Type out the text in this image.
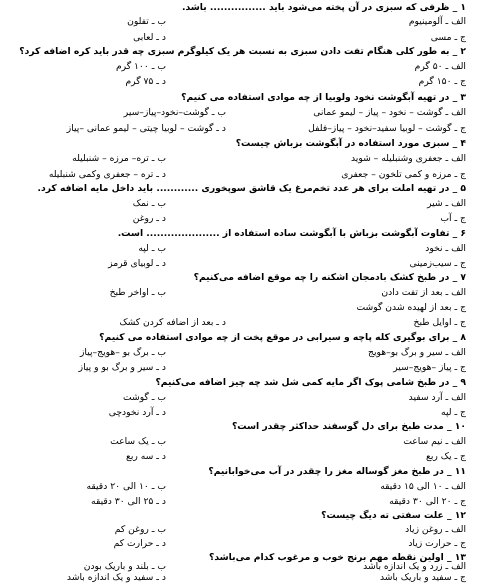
۱ _ ظرفی که سبزی در آن پخته می‌شود باید ................ باشد.
الف ـ آلومینیوم
ب ـ تفلون
ج ـ مسی
د ـ لعابی
۲ _ به طور کلی هنگام تفت دادن سبزی به نسبت هر یک کیلوگرم سبزی چه قدر باید کره اضافه کرد؟
الف ـ ۵۰ گرم
ب ـ ۱۰۰ گرم
ج ـ ۱۵۰ گرم
د ـ ۷۵ گرم
۳ _ در تهیه آبگوشت نخود ولوبیا از چه موادی استفاده می کنیم؟
الف ـ گوشت – نخود – پیاز – لیمو عمانی
ب ـ گوشت–نخود–پیاز–سیر
ج ـ گوشت – لوبیا سفید–نخود – پیاز–فلفل
د ـ گوشت – لوبیا چیتی – لیمو عمانی –پیاز
۴ _ سبزی مورد استفاده در آبگوشت بزباش چیست؟
الف ـ جعفری وشنبلیله – شوید
ب ـ تره– مرزه – شنبلیله
ج ـ مرزه و کمی تلخون – جعفری
د ـ تره – جعفری وکمی شنبلیله
۵ _ در تهیه املت برای هر عدد تخم‌مرغ یک قاشق سوپخوری ............ باید داخل مایه اضافه کرد.
الف ـ شیر
ب ـ نمک
ج ـ آب
د ـ روغن
۶ _ تفاوت آبگوشت بزباش با آبگوشت ساده استفاده از ..................... است.
الف ـ نخود
ب ـ لپه
ج ـ سیب‌زمینی
د ـ لوبیای قرمز
۷ _ در طبخ کشک بادمجان اشکنه را چه موقع اضافه می‌کنیم؟
الف ـ بعد از تفت دادن
ب ـ اواخر طبخ
ج ـ بعد از لهیده شدن گوشت
ج ـ اوایل طبخ
د ـ بعد از اضافه کردن کشک
۸ _ برای بوگیری کله پاچه و سیرابی در موقع پخت از چه موادی استفاده می کنیم؟
الف ـ سیر و برگ بو–هویج
ب ـ برگ بو –هویج–پیاز
ج ـ پیاز –هویج–سیر
د ـ سیر و برگ بو و پیاز
۹ _ در طبخ شامی پوک اگر مایه کمی شل شد چه چیز اضافه می‌کنیم؟
الف ـ آرد سفید
ب ـ گوشت
ج ـ لپه
د ـ آرد نخودچی
۱۰ _ مدت طبخ برای دل گوسفند حداکثر چقدر است؟
الف ـ نیم ساعت
ب ـ یک ساعت
ج ـ یک ربع
د ـ سه ربع
۱۱ _ در طبخ مغز گوساله مغز را چقدر در آب می‌خوابانیم؟
الف ـ ۱۰ الی ۱۵ دقیقه
ب ـ ۱۰ الی ۲۰ دقیقه
ج ـ ۲۰ الی ۳۰ دقیقه
د ـ ۲۵ الی ۳۰ دقیقه
۱۲ _ علت سفتی ته دیگ چیست؟
الف ـ روغن زیاد
ب ـ روغن کم
ج ـ حرارت زیاد
د ـ حرارت کم
۱۳ _ اولین نقطه مهم برنج خوب و مرغوب کدام می‌باشد؟
الف ـ زرد و یک اندازه باشد
ب ـ بلند و باریک بودن
ج ـ سفید و باریک باشد
د ـ سفید و یک اندازه باشد
